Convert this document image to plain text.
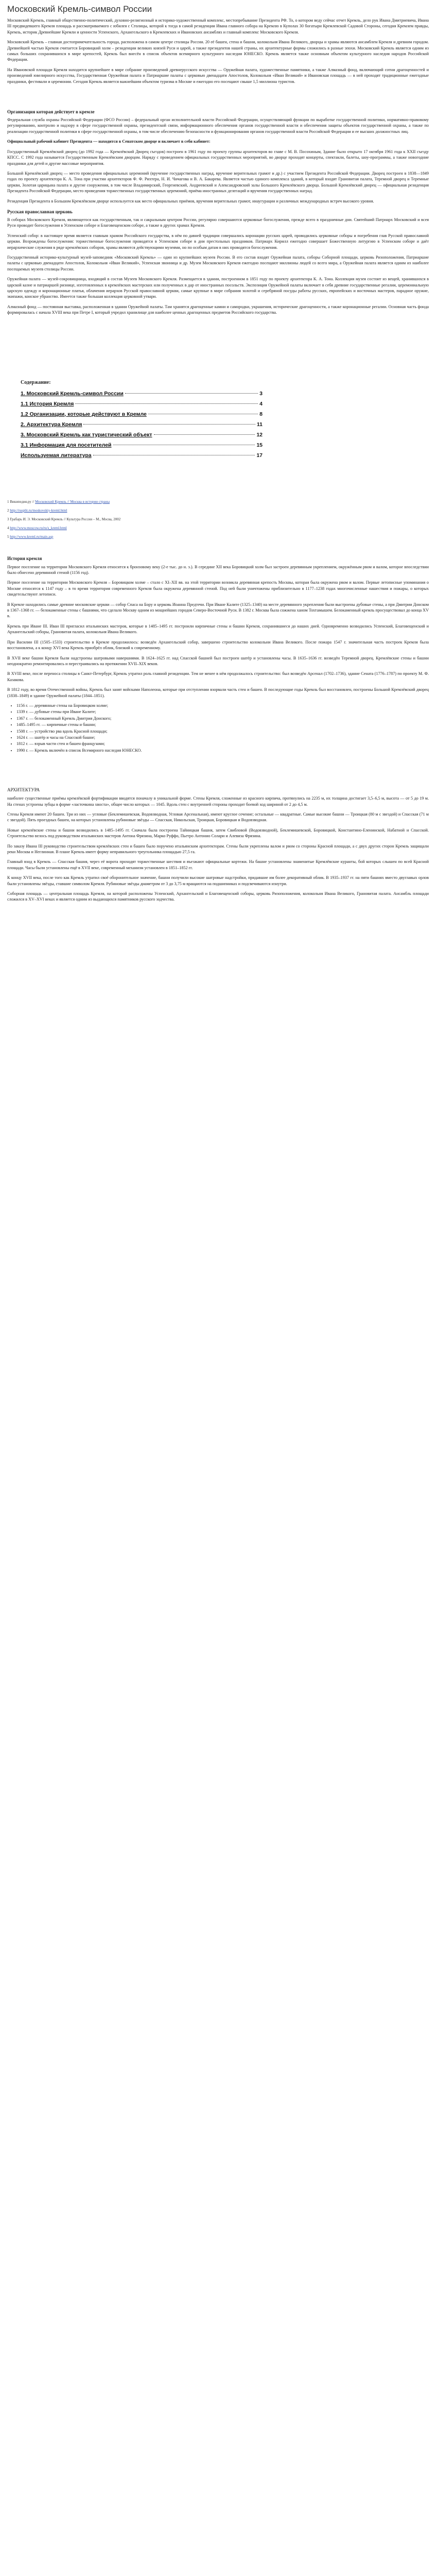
Московский Кремль-символ России

Московский Кремль, главный общественно-политический, духовно-религиозный и историко-художественный комплекс, местопребывание Президента РФ. То, о котором веду сейчас отчет Кремль, дело рук Ивана Дмитриевича, Ивана III предвидевшего Кремля площадь и рассматриваемого с юбилея с Столицы, которой к тогда в самой резиденции Ивана главного собора на Кремлю в Куполах 30 богатыри Кремлевской Садовой Стороны, сегодня Кремлем правды, Кремль, историк Древнейшие Кремли и ценности Успенского, Архангельского в Кремлевских и Ивановских ансамблях и главный комплекс Московского Кремля.

Московский Кремль – главная достопримечательность города, расположена в самом центре столицы России. 20 её башен, стена и башни, колокольня Ивана Великого, дворцы и храмы являются ансамблем Кремля и древним городом. Древнейшей частью Кремля считается Боровицкий холм – резиденции великих князей Руси и царей, а также президентов нашей страны, их архитектурные формы сложились в разные эпохи. Московский Кремль является одним из самых больших сохранившихся в мире крепостей, Кремль был внесён в список объектов всемирного культурного наследия ЮНЕСКО. Кремль является также основным объектом культурного наследия народов Российской Федерации.

На Ивановской площади Кремля находится крупнейшее в мире собрание произведений древнерусского искусства — Оружейная палата, художественные памятники, а также Алмазный фонд, включающий сотни драгоценностей и произведений ювелирного искусства, Государственная Оружейная палата и Патриаршие палаты с церковью двенадцати Апостолов, Колокольня «Иван Великий» и Ивановская площадь — в ней проходят традиционные ежегодные праздники, фестивали и церемонии. Сегодня Кремль является важнейшим объектом туризма в Москве и ежегодно его посещают свыше 1,5 миллиона туристов.

Организация которая действует в кремле

Федеральная служба охраны Российской Федерации (ФСО России) – федеральный орган исполнительной власти Российской Федерации, осуществляющий функции по выработке государственной политики, нормативно-правовому регулированию, контролю и надзору в сфере государственной охраны, президентской связи, информационного обеспечения органов государственной власти и обеспечения защиты объектов государственной охраны, а также по реализации государственной политики в сфере государственной охраны, в том числе обеспечению безопасности и функционирования органов государственной власти Российской Федерации и ее высших должностных лиц.

Официальный рабочий кабинет Президента — находится в Сенатском дворце и включает в себя кабинет:

Государственный Кремлёвский дворец (до 1992 года — Кремлёвский Дворец съездов) построен в 1961 году по проекту группы архитекторов во главе с М. В. Посохиным, Здание было открыто 17 октября 1961 года к XXII съезду КПСС. С 1992 года называется Государственным Кремлёвским дворцом. Наряду с проведением официальных государственных мероприятий, во дворце проходят концерты, спектакли, балеты, шоу-программы, а также новогодние праздники для детей и другие массовые мероприятия.

Большой Кремлёвский дворец — место проведения официальных церемоний (вручение государственных наград, вручение верительных грамот и др.) с участием Президента Российской Федерации. Дворец построен в 1838—1849 годах по проекту архитектора К. А. Тона при участии архитекторов Ф. Ф. Рихтера, Н. И. Чичагова и В. А. Бакарева. Является частью единого комплекса зданий, в который входят Грановитая палата, Теремной дворец и Теремные церкви, Золотая царицына палата и другие сооружения, в том числе Владимирский, Георгиевский, Андреевский и Александровский залы Большого Кремлёвского дворца. Большой Кремлёвский дворец — официальная резиденция Президента Российской Федерации, место проведения торжественных государственных церемоний, приёма иностранных делегаций и вручения государственных наград.

Резиденция Президента в Большом Кремлёвском дворце используется как место официальных приёмов, вручения верительных грамот, инаугурации и различных международных встреч высокого уровня.

Русская православная церковь

В соборах Московского Кремля, являющегося как государственным, так и сакральным центром России, регулярно совершаются церковные богослужения, прежде всего в праздничные дни. Святейший Патриарх Московский и всея Руси проводит богослужения в Успенском соборе и Благовещенском соборе, а также в других храмах Кремля.

Успенский собор: в настоящее время является главным храмом Российского государства, в нём по давней традиции совершались коронации русских царей, проводились церковные соборы и погребения глав Русской православной церкви. Возрождены богослужения: торжественные богослужения проводятся в Успенском соборе в дни престольных праздников. Патриарх Кирилл ежегодно совершает Божественную литургию в Успенском соборе и даёт иерархические служения в ряде кремлёвских соборов, храмы являются действующими музеями, но по особым датам в них проводятся богослужения.

Государственный историко-культурный музей-заповедник «Московский Кремль» — один из крупнейших музеев России. В его состав входят Оружейная палата, соборы Соборной площади, церковь Ризоположения, Патриаршие палаты с церковью двенадцати Апостолов, Колокольня «Иван Великий», Успенская звонница и др. Музеи Московского Кремля ежегодно посещают миллионы людей со всего мира, а Оружейная палата является одним из наиболее посещаемых музеев столицы России.

Оружейная палата — музей-сокровищница, входящий в состав Музеев Московского Кремля. Размещается в здании, построенном в 1851 году по проекту архитектора К. А. Тона. Коллекция музея состоит из вещей, хранившихся в царской казне и патриаршей ризнице, изготовленных в кремлёвских мастерских или полученных в дар от иностранных посольств. Экспозиция Оружейной палаты включает в себя древние государственные регалии, церемониальную царскую одежду и коронационные платья, облачения иерархов Русской православной церкви, самые крупные в мире собрания золотой и серебряной посуды работы русских, европейских и восточных мастеров, парадное оружие, экипажи, конское убранство. Имеется также большая коллекция церковной утвари.

Алмазный фонд — постоянная выставка, расположенная в здании Оружейной палаты. Там хранятся драгоценные камни и самородки, украшения, исторические драгоценности, а также коронационные регалии. Основная часть фонда формировалась с начала XVIII века при Петре I, который учредил хранилище для наиболее ценных драгоценных предметов Российского государства.

Содержание:
1. Московский Кремль-символ России	3
1.1 История Кремля	4
1.2 Организации, которые действуют в Кремле	8
2. Архитектура Кремля	11
3. Московский Кремль как туристический объект	12
3.1 Информация для посетителей	15
Используемая литература	17
1 Википедия.ру // Московский Кремль // Москва в истории страны
2 http://rusplit.ru/moskovskiy-kreml.html
3 Грабарь И. Э. Московский Кремль // Культура России – М., Мосва, 2002
4 http://www.moscow.ru/ru/s_kreml.html
5 http://www.kreml.ru/main.asp
История кремля

Первое поселение на территории Московского Кремля относится к бронзовому веку (2-е тыс. до н. э.). В середине XII века Боровицкий холм был застроен деревянным укреплением, окружённым рвом и валом, которое впоследствии было обнесено деревянной стеной (1156 год).

Первое поселение на территории Московского Кремля – Боровицком холме – стало с XI–XII вв. на этой территории возникла деревянная крепость Москвы, которая была окружена рвом и валом. Первые летописные упоминания о Москве относятся к 1147 году – в то время территория современного Кремля была окружена деревянной стеной. Под ней были уничтожены приблизительно в 1177–1238 годах многочисленные нашествия и пожары, о которых свидетельствуют летописи.

В Кремле находились самые древние московские церкви — собор Спаса на Бору и церковь Иоанна Предтечи. При Иване Калите (1325–1340) на месте деревянного укрепления были выстроены дубовые стены, а при Дмитрии Донском в 1367–1368 гг. — белокаменные стены с башнями, что сделало Москву одним из мощнейших городов Северо-Восточной Руси. В 1382 г. Москва была сожжена ханом Тохтамышем. Белокаменный кремль просуществовал до конца XV в.

Кремль при Иване III. Иван III пригласил итальянских мастеров, которые в 1485–1495 гг. построили кирпичные стены и башни Кремля, сохранившиеся до наших дней. Одновременно возводились Успенский, Благовещенский и Архангельский соборы, Грановитая палата, колокольня Ивана Великого.

При Василии III (1505–1533) строительство в Кремле продолжилось: возведён Архангельский собор, завершено строительство колокольни Ивана Великого. После пожара 1547 г. значительная часть построек Кремля была восстановлена, а к концу XVI века Кремль приобрёл облик, близкий к современному.

В XVII веке башни Кремля были надстроены шатровыми навершиями. В 1624–1625 гг. над Спасской башней был построен шатёр и установлены часы. В 1635–1636 гг. возведён Теремной дворец. Кремлёвские стены и башни неоднократно ремонтировались и перестраивались на протяжении XVII–XIX веков.

В XVIII веке, после переноса столицы в Санкт-Петербург, Кремль утратил роль главной резиденции. Тем не менее в нём продолжалось строительство: был возведён Арсенал (1702–1736), здание Сената (1776–1787) по проекту М. Ф. Казакова.

В 1812 году, во время Отечественной войны, Кремль был занят войсками Наполеона, которые при отступлении взорвали часть стен и башен. В последующие годы Кремль был восстановлен, построены Большой Кремлёвский дворец (1838–1849) и здание Оружейной палаты (1844–1851).

• 1156 г. — деревянные стены на Боровицком холме;
• 1339 г. — дубовые стены при Иване Калите;
• 1367 г. — белокаменный Кремль Дмитрия Донского;
• 1485–1495 гг. — кирпичные стены и башни;
• 1508 г. — устройство рва вдоль Красной площади;
• 1624 г. — шатёр и часы на Спасской башне;
• 1812 г. — взрыв части стен и башен французами;
• 1990 г. — Кремль включён в список Всемирного наследия ЮНЕСКО.
АРХИТЕКТУРА

наиболее существенные приёмы кремлёвской фортификации вводятся поначалу в уникальной форме. Стены Кремля, сложенные из красного кирпича, протянулись на 2235 м, их толщина достигает 3,5–6,5 м, высота — от 5 до 19 м. На стенах устроены зубцы в форме «ласточкина хвоста», общее число которых — 1045. Вдоль стен с внутренней стороны проходит боевой ход шириной от 2 до 4,5 м.

Стены Кремля имеют 20 башен. Три из них — угловые (Беклемишевская, Водовзводная, Угловая Арсенальная), имеют круглое сечение; остальные — квадратные. Самые высокие башни — Троицкая (80 м с звездой) и Спасская (71 м с звездой). Пять проездных башен, на которых установлены рубиновые звёзды — Спасская, Никольская, Троицкая, Боровицкая и Водовзводная.

Новые кремлёвские стены и башни возводились в 1485–1495 гг. Сначала была построена Тайницкая башня, затем Свибловой (Водовзводной), Беклемишевской, Боровицкой, Константино-Еленинской, Набатной и Спасской. Строительство велось под руководством итальянских мастеров Антона Фрязина, Марко Руффо, Пьетро Антонио Солари и Алевиза Фрязина.

По заказу Ивана III руководство строительством кремлёвских стен и башен было поручено итальянским архитекторам. Стены были укреплены валом и рвом со стороны Красной площади, а с двух других сторон Кремль защищали реки Москва и Неглинная. В плане Кремль имеет форму неправильного треугольника площадью 27,5 га.

Главный вход в Кремль — Спасская башня, через её ворота проходят торжественные шествия и въезжают официальные кортежи. На башне установлены знаменитые Кремлёвские куранты, бой которых слышен по всей Красной площади. Часы были установлены ещё в XVII веке, современный механизм установлен в 1851–1852 гг.

К концу XVII века, после того как Кремль утратил своё оборонительное значение, башни получили высокие шатровые надстройки, придавшие им более декоративный облик. В 1935–1937 гг. на пяти башнях вместо двуглавых орлов были установлены звёзды, ставшие символом Кремля. Рубиновые звёзды диаметром от 3 до 3,75 м вращаются на подшипниках и подсвечиваются изнутри.

Соборная площадь — центральная площадь Кремля, на которой расположены Успенский, Архангельский и Благовещенский соборы, церковь Ризоположения, колокольня Ивана Великого, Грановитая палата. Ансамбль площади сложился в XV–XVI веках и является одним из выдающихся памятников русского зодчества.
